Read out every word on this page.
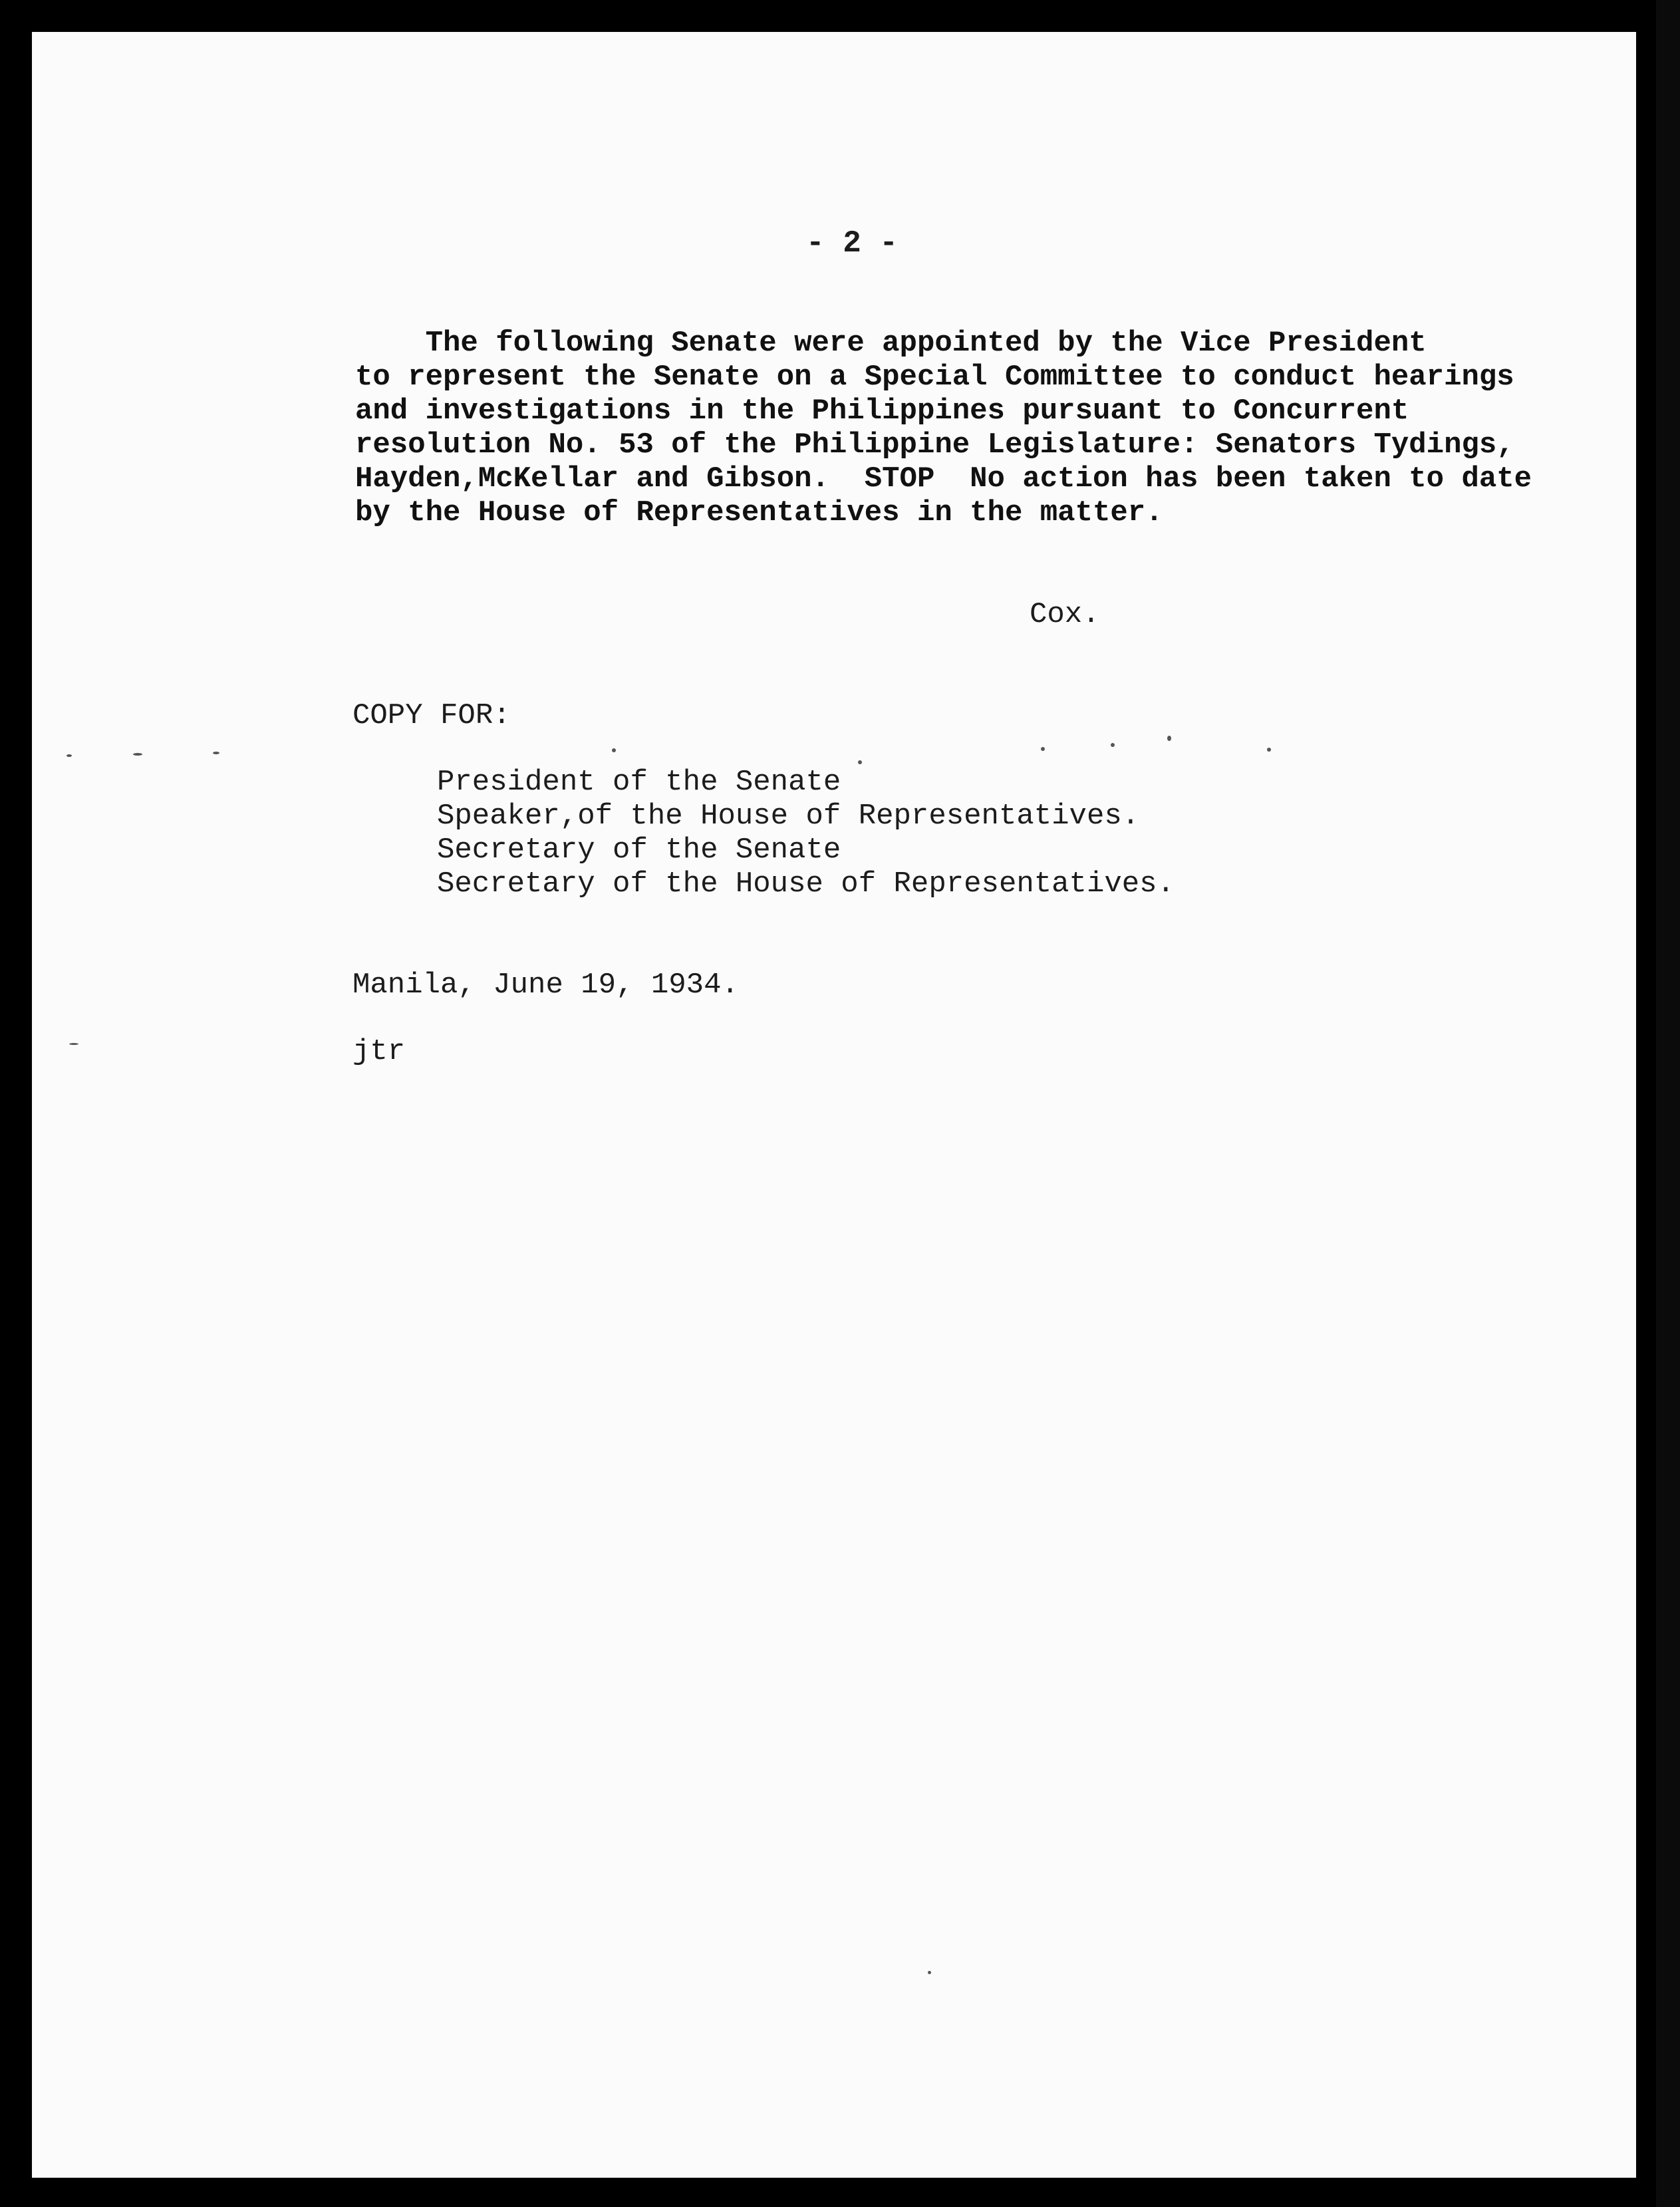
- 2 -
The following Senate were appointed by the Vice President
to represent the Senate on a Special Committee to conduct hearings
and investigations in the Philippines pursuant to Concurrent
resolution No. 53 of the Philippine Legislature: Senators Tydings,
Hayden,McKellar and Gibson.  STOP  No action has been taken to date
by the House of Representatives in the matter.
Cox.
COPY FOR:
President of the Senate
Speaker,of the House of Representatives.
Secretary of the Senate
Secretary of the House of Representatives.
Manila, June 19, 1934.
jtr
